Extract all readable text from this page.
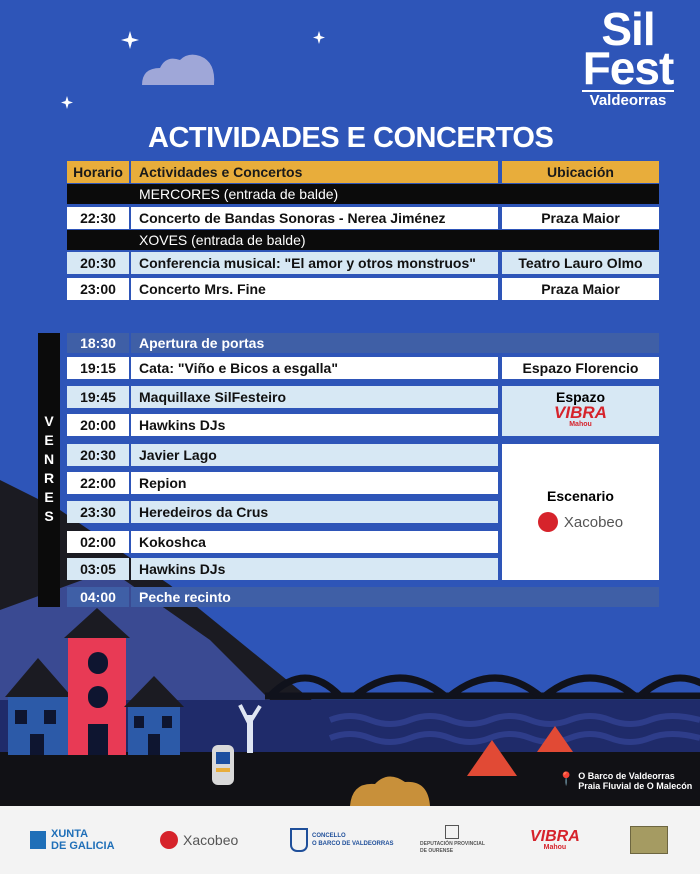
Sil
Fest
Valdeorras
ACTIVIDADES E CONCERTOS
Horario	Actividades e Concertos	Ubicación
MERCORES (entrada de balde)
22:30	Concerto de Bandas Sonoras - Nerea Jiménez	Praza Maior
XOVES (entrada de balde)
20:30	Conferencia musical: "El amor y otros monstruos"	Teatro Lauro Olmo
23:00	Concerto Mrs. Fine	Praza Maior
VENRES
18:30	Apertura de portas
19:15	Cata: "Viño e Bicos a esgalla"	Espazo Florencio
19:45	Maquillaxe SilFesteiro
20:00	Hawkins DJs
Espazo
VIBRA
Mahou
20:30	Javier Lago
22:00	Repion
23:30	Heredeiros da Crus
02:00	Kokoshca
03:05	Hawkins DJs
Escenario
Xacobeo
04:00	Peche recinto
📍 O Barco de Valdeorras
Praia Fluvial de O Malecón
XUNTA
DE GALICIA	Xacobeo	CONCELLO
O BARCO DE VALDEORRAS	DEPUTACIÓN PROVINCIAL
DE OURENSE
VIBRA
Mahou
